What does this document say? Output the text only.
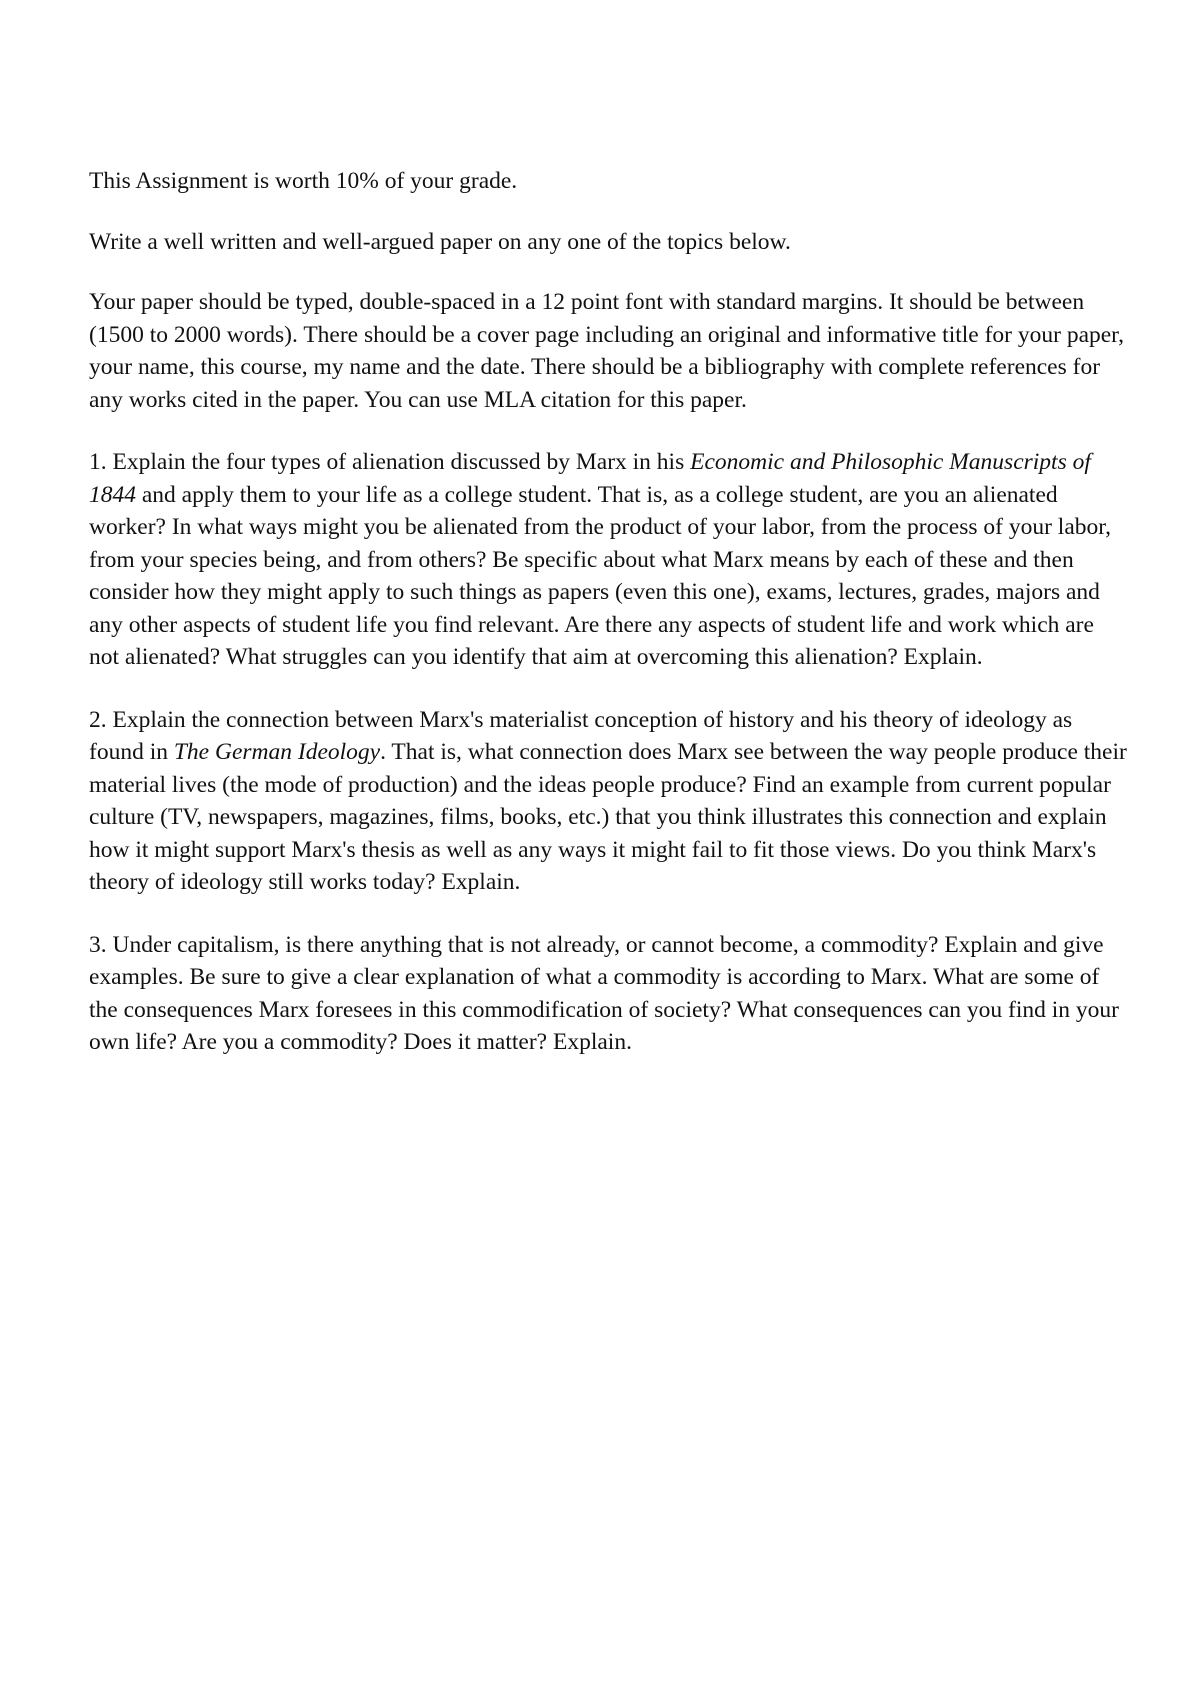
This Assignment is worth 10% of your grade.

Write a well written and well-argued paper on any one of the topics below.

Your paper should be typed, double-spaced in a 12 point font with standard margins. It should be between (1500 to 2000 words). There should be a cover page including an original and informative title for your paper, your name, this course, my name and the date. There should be a bibliography with complete references for any works cited in the paper. You can use MLA citation for this paper.

1. Explain the four types of alienation discussed by Marx in his Economic and Philosophic Manuscripts of 1844 and apply them to your life as a college student. That is, as a college student, are you an alienated worker? In what ways might you be alienated from the product of your labor, from the process of your labor, from your species being, and from others? Be specific about what Marx means by each of these and then consider how they might apply to such things as papers (even this one), exams, lectures, grades, majors and any other aspects of student life you find relevant. Are there any aspects of student life and work which are not alienated? What struggles can you identify that aim at overcoming this alienation? Explain.

2. Explain the connection between Marx's materialist conception of history and his theory of ideology as found in The German Ideology. That is, what connection does Marx see between the way people produce their material lives (the mode of production) and the ideas people produce? Find an example from current popular culture (TV, newspapers, magazines, films, books, etc.) that you think illustrates this connection and explain how it might support Marx's thesis as well as any ways it might fail to fit those views. Do you think Marx's theory of ideology still works today? Explain.

3. Under capitalism, is there anything that is not already, or cannot become, a commodity? Explain and give examples. Be sure to give a clear explanation of what a commodity is according to Marx. What are some of the consequences Marx foresees in this commodification of society? What consequences can you find in your own life? Are you a commodity? Does it matter? Explain.
